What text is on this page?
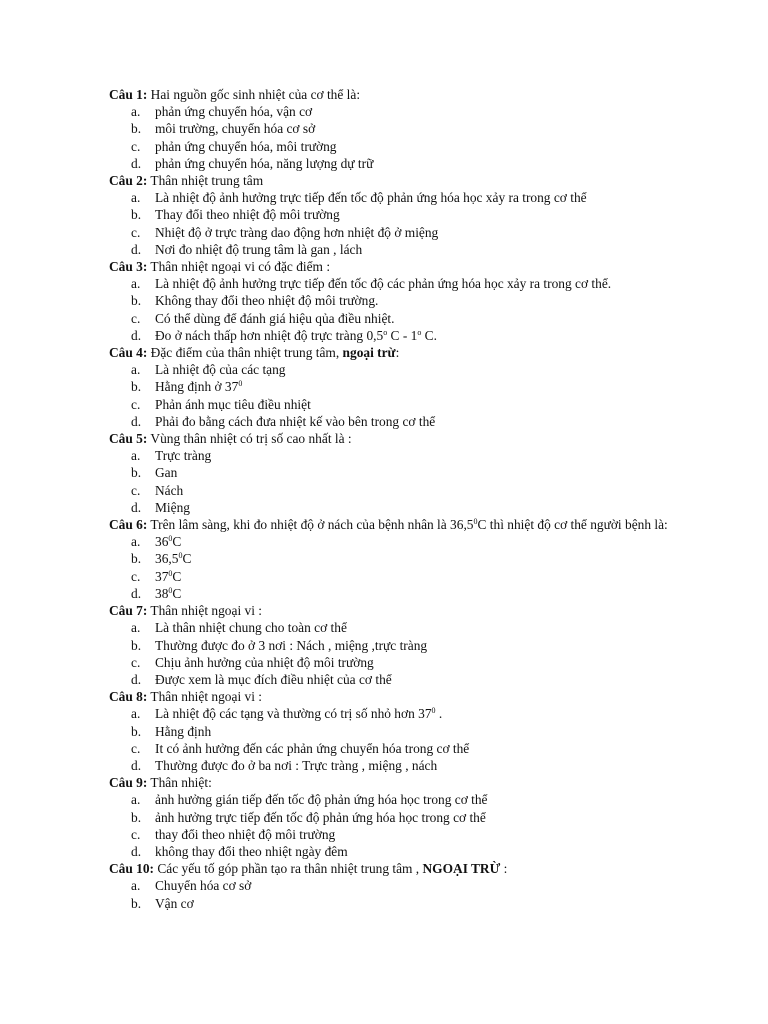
Câu 1: Hai nguồn gốc sinh nhiệt của cơ thể là:

a. phản ứng chuyển hóa, vận cơ
b. môi trường, chuyển hóa cơ sở
c. phản ứng chuyển hóa, môi trường
d. phản ứng chuyển hóa, năng lượng dự trữ

Câu 2: Thân nhiệt trung tâm

a. Là nhiệt độ ảnh hưởng trực tiếp đến tốc độ phản ứng hóa học xảy ra trong cơ thể
b. Thay đổi theo nhiệt độ môi trường
c. Nhiệt độ ở trực tràng dao động hơn nhiệt độ ở miệng
d. Nơi đo nhiệt độ trung tâm là gan , lách

Câu 3: Thân nhiệt ngoại vi có đặc điểm :

a. Là nhiệt độ ảnh hưởng trực tiếp đến tốc độ các phản ứng hóa học xảy ra trong cơ thể.
b. Không thay đổi theo nhiệt độ môi trường.
c. Có thể dùng để đánh giá hiệu qủa điều nhiệt.
d. Đo ở nách thấp hơn nhiệt độ trực tràng 0,5$^o$ C - 1$^o$ C.

Câu 4: Đặc điểm của thân nhiệt trung tâm, ngoại trừ:

a. Là nhiệt độ của các tạng
b. Hằng định ở $37^0$
c. Phản ánh mục tiêu điều nhiệt
d. Phải đo bằng cách đưa nhiệt kế vào bên trong cơ thể

Câu 5: Vùng thân nhiệt có trị số cao nhất là :

a. Trực tràng
b. Gan
c. Nách
d. Miệng

Câu 6: Trên lâm sàng, khi đo nhiệt độ ở nách của bệnh nhân là 36,5$^0$C thì nhiệt độ cơ thể người bệnh là:

a. $36^0C$
b. 36,5$^0$C
c. $37^0C$
d. $38^0C$

Câu 7: Thân nhiệt ngoại vi :

a. Là thân nhiệt chung cho toàn cơ thể
b. Thường được đo ở 3 nơi : Nách , miệng ,trực tràng
c. Chịu ảnh hưởng của nhiệt độ môi trường
d. Được xem là mục đích điều nhiệt của cơ thể

Câu 8: Thân nhiệt ngoại vi :

a. Là nhiệt độ các tạng và thường có trị số nhỏ hơn $37^0$ .
b. Hằng định
c. It có ảnh hưởng đến các phản ứng chuyển hóa trong cơ thể
d. Thường được đo ở ba nơi : Trực tràng , miệng , nách

Câu 9: Thân nhiệt:

a. ảnh hưởng gián tiếp đến tốc độ phản ứng hóa học trong cơ thể
b. ảnh hưởng trực tiếp đến tốc độ phản ứng hóa học trong cơ thể
c. thay đổi theo nhiệt độ môi trường
d. không thay đổi theo nhiệt ngày đêm

Câu 10: Các yếu tố góp phần tạo ra thân nhiệt trung tâm , NGOẠI TRỪ :

a. Chuyển hóa cơ sở
b. Vận cơ
